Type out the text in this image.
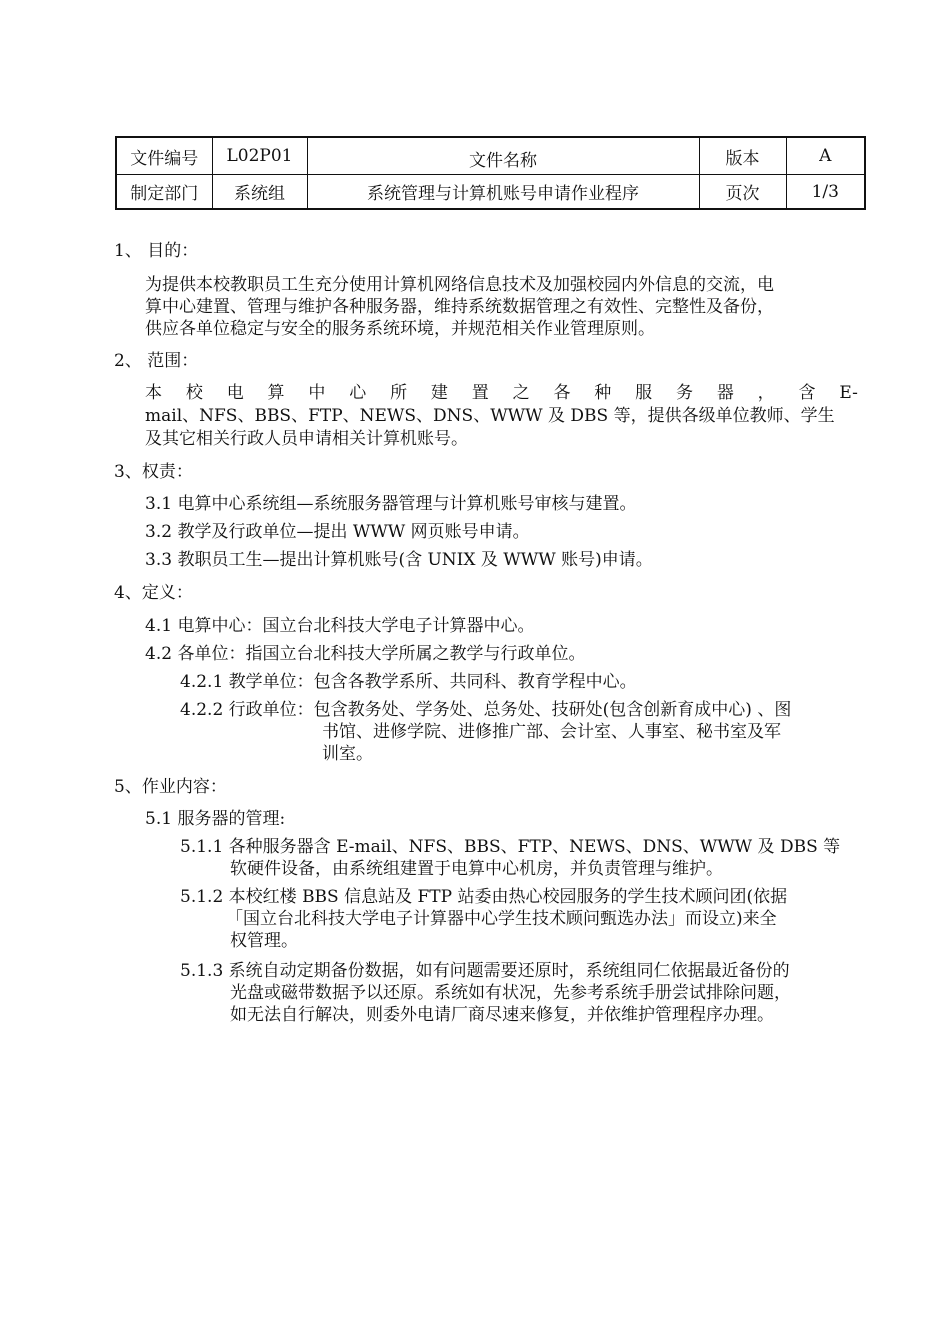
文件编号	L02P01	文件名称	版本	A
制定部门	系统组	系统管理与计算机账号申请作业程序	页次	1/3
1、 目的：
为提供本校教职员工生充分使用计算机网络信息技术及加强校园内外信息的交流，电
算中心建置、管理与维护各种服务器，维持系统数据管理之有效性、完整性及备份，
供应各单位稳定与安全的服务系统环境，并规范相关作业管理原则。
2、 范围：
本 校 电 算 中 心 所 建 置 之 各 种 服 务 器 ， 含 E-
mail、NFS、BBS、FTP、NEWS、DNS、WWW 及 DBS 等，提供各级单位教师、学生
及其它相关行政人员申请相关计算机账号。
3、权责：
3.1 电算中心系统组—系统服务器管理与计算机账号审核与建置。
3.2 教学及行政单位—提出 WWW 网页账号申请。
3.3 教职员工生—提出计算机账号(含 UNIX 及 WWW 账号)申请。
4、定义：
4.1 电算中心：国立台北科技大学电子计算器中心。
4.2 各单位：指国立台北科技大学所属之教学与行政单位。
4.2.1 教学单位：包含各教学系所、共同科、教育学程中心。
4.2.2 行政单位：包含教务处、学务处、总务处、技研处(包含创新育成中心) 、图
书馆、进修学院、进修推广部、会计室、人事室、秘书室及军
训室。
5、作业内容：
5.1 服务器的管理:
5.1.1 各种服务器含 E-mail、NFS、BBS、FTP、NEWS、DNS、WWW 及 DBS 等
软硬件设备，由系统组建置于电算中心机房，并负责管理与维护。
5.1.2 本校红楼 BBS 信息站及 FTP 站委由热心校园服务的学生技术顾问团(依据
「国立台北科技大学电子计算器中心学生技术顾问甄选办法」而设立)来全
权管理。
5.1.3 系统自动定期备份数据，如有问题需要还原时，系统组同仁依据最近备份的
光盘或磁带数据予以还原。系统如有状况，先参考系统手册尝试排除问题，
如无法自行解决，则委外电请厂商尽速来修复，并依维护管理程序办理。
